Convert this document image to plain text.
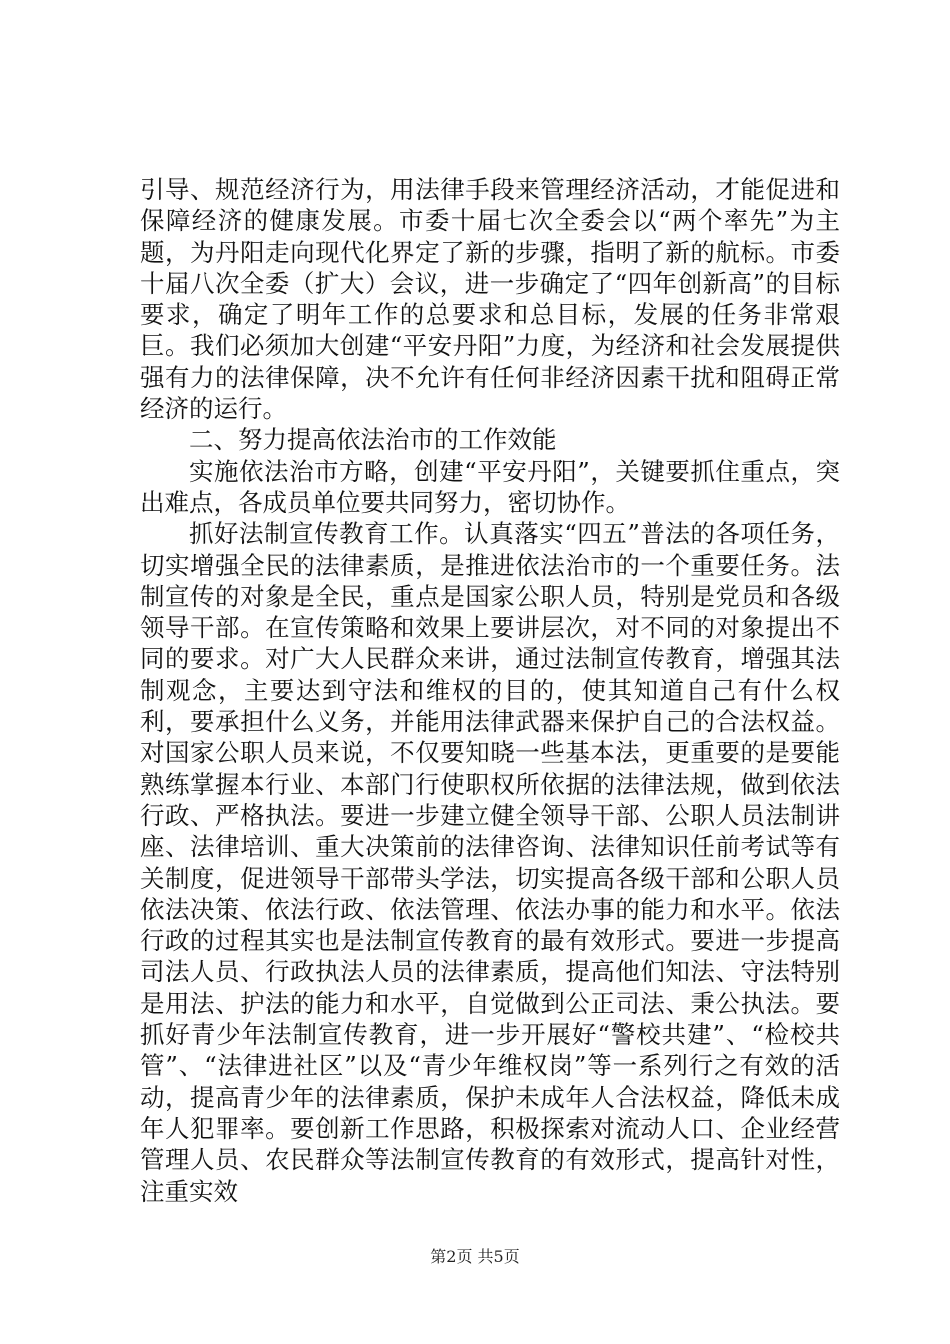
引导、规范经济行为，用法律手段来管理经济活动，才能促进和保障经济的健康发展。市委十届七次全委会以“两个率先”为主题，为丹阳走向现代化界定了新的步骤，指明了新的航标。市委十届八次全委（扩大）会议，进一步确定了“四年创新高”的目标要求，确定了明年工作的总要求和总目标，发展的任务非常艰巨。我们必须加大创建“平安丹阳”力度，为经济和社会发展提供强有力的法律保障，决不允许有任何非经济因素干扰和阻碍正常经济的运行。

二、努力提高依法治市的工作效能

实施依法治市方略，创建“平安丹阳”，关键要抓住重点，突出难点，各成员单位要共同努力，密切协作。

抓好法制宣传教育工作。认真落实“四五”普法的各项任务，切实增强全民的法律素质，是推进依法治市的一个重要任务。法制宣传的对象是全民，重点是国家公职人员，特别是党员和各级领导干部。在宣传策略和效果上要讲层次，对不同的对象提出不同的要求。对广大人民群众来讲，通过法制宣传教育，增强其法制观念，主要达到守法和维权的目的，使其知道自己有什么权利，要承担什么义务，并能用法律武器来保护自己的合法权益。对国家公职人员来说，不仅要知晓一些基本法，更重要的是要能熟练掌握本行业、本部门行使职权所依据的法律法规，做到依法行政、严格执法。要进一步建立健全领导干部、公职人员法制讲座、法律培训、重大决策前的法律咨询、法律知识任前考试等有关制度，促进领导干部带头学法，切实提高各级干部和公职人员依法决策、依法行政、依法管理、依法办事的能力和水平。依法行政的过程其实也是法制宣传教育的最有效形式。要进一步提高司法人员、行政执法人员的法律素质，提高他们知法、守法特别是用法、护法的能力和水平，自觉做到公正司法、秉公执法。要抓好青少年法制宣传教育，进一步开展好“警校共建”、“检校共管”、“法律进社区”以及“青少年维权岗”等一系列行之有效的活动，提高青少年的法律素质，保护未成年人合法权益，降低未成年人犯罪率。要创新工作思路，积极探索对流动人口、企业经营管理人员、农民群众等法制宣传教育的有效形式，提高针对性，注重实效

第2页 共5页
